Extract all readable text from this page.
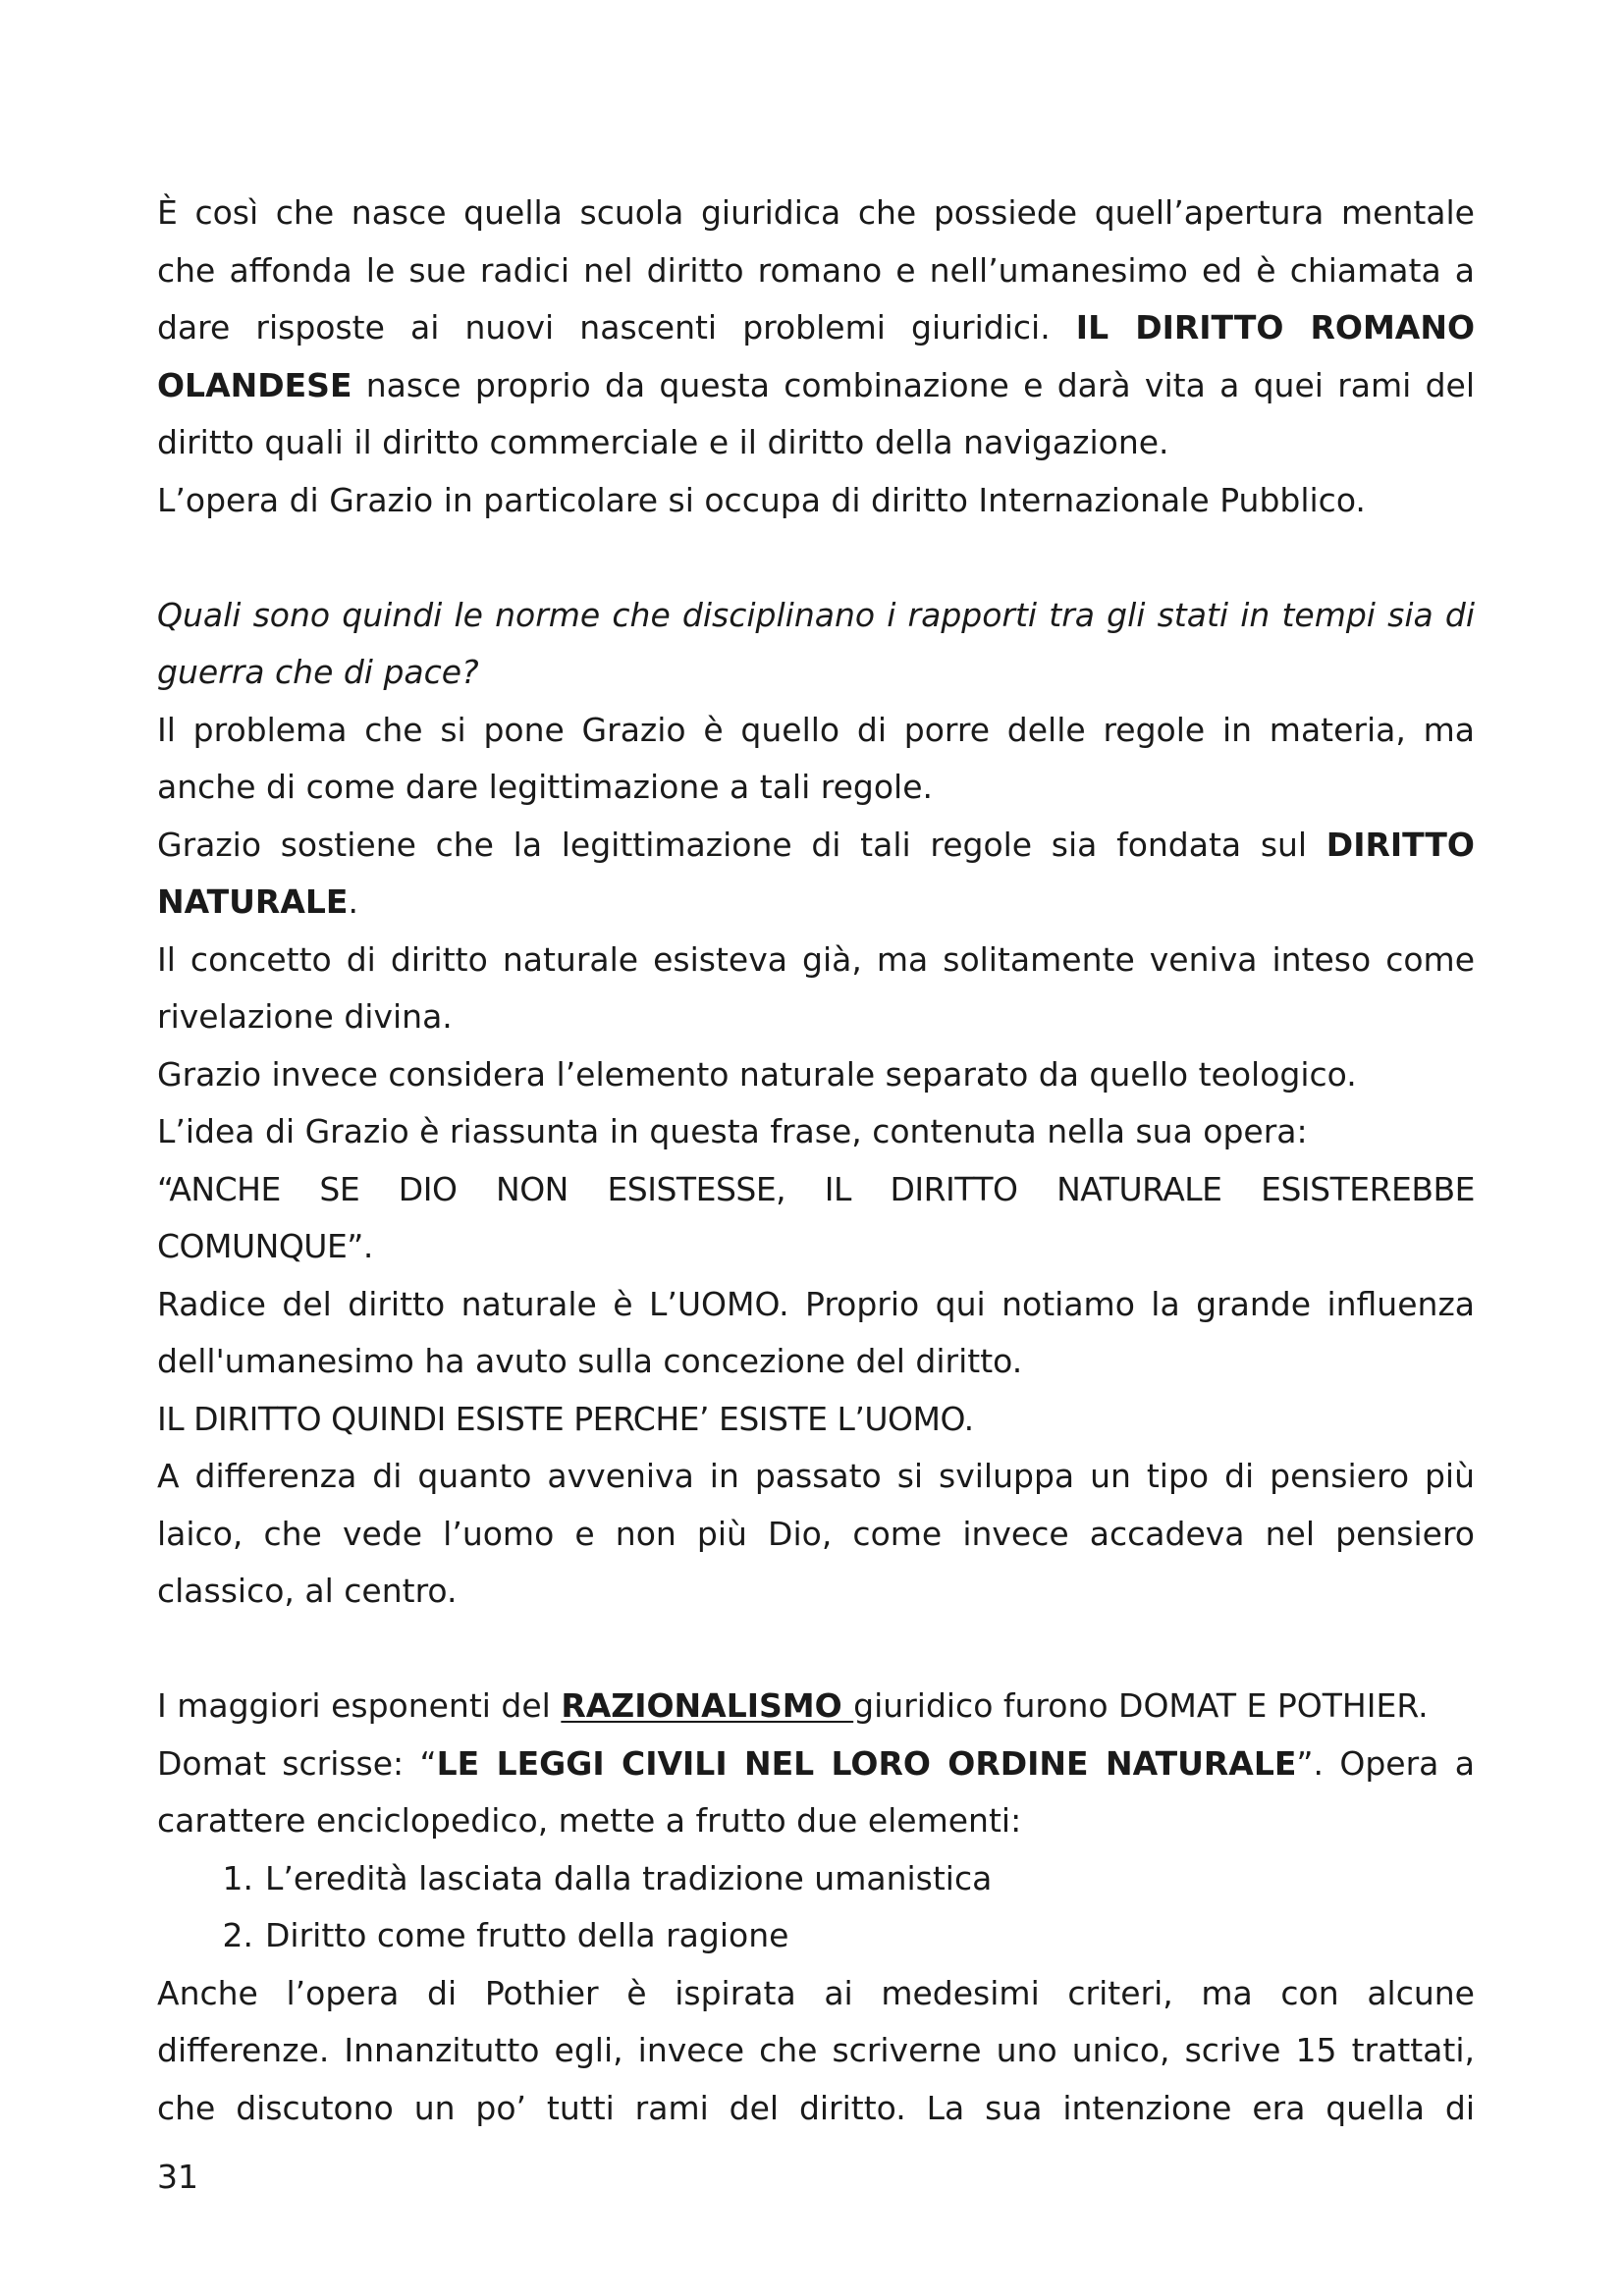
È così che nasce quella scuola giuridica che possiede quell’apertura mentale
che affonda le sue radici nel diritto romano e nell’umanesimo ed è chiamata a
dare risposte ai nuovi nascenti problemi giuridici. IL DIRITTO ROMANO
OLANDESE nasce proprio da questa combinazione e darà vita a quei rami del
diritto quali il diritto commerciale e il diritto della navigazione.
L’opera di Grazio in particolare si occupa di diritto Internazionale Pubblico.
Quali sono quindi le norme che disciplinano i rapporti tra gli stati in tempi sia di
guerra che di pace?
Il problema che si pone Grazio è quello di porre delle regole in materia, ma
anche di come dare legittimazione a tali regole.
Grazio sostiene che la legittimazione di tali regole sia fondata sul DIRITTO
NATURALE.
Il concetto di diritto naturale esisteva già, ma solitamente veniva inteso come
rivelazione divina.
Grazio invece considera l’elemento naturale separato da quello teologico.
L’idea di Grazio è riassunta in questa frase, contenuta nella sua opera:
“ANCHE SE DIO NON ESISTESSE, IL DIRITTO NATURALE ESISTEREBBE
COMUNQUE”.
Radice del diritto naturale è L’UOMO. Proprio qui notiamo la grande influenza
dell'umanesimo ha avuto sulla concezione del diritto.
IL DIRITTO QUINDI ESISTE PERCHE’ ESISTE L’UOMO.
A differenza di quanto avveniva in passato si sviluppa un tipo di pensiero più
laico, che vede l’uomo e non più Dio, come invece accadeva nel pensiero
classico, al centro.
I maggiori esponenti del RAZIONALISMO giuridico furono DOMAT E POTHIER.
Domat scrisse: “LE LEGGI CIVILI NEL LORO ORDINE NATURALE”. Opera a
carattere enciclopedico, mette a frutto due elementi:
1. L’eredità lasciata dalla tradizione umanistica
2. Diritto come frutto della ragione
Anche l’opera di Pothier è ispirata ai medesimi criteri, ma con alcune
differenze. Innanzitutto egli, invece che scriverne uno unico, scrive 15 trattati,
che discutono un po’ tutti rami del diritto. La sua intenzione era quella di
31
